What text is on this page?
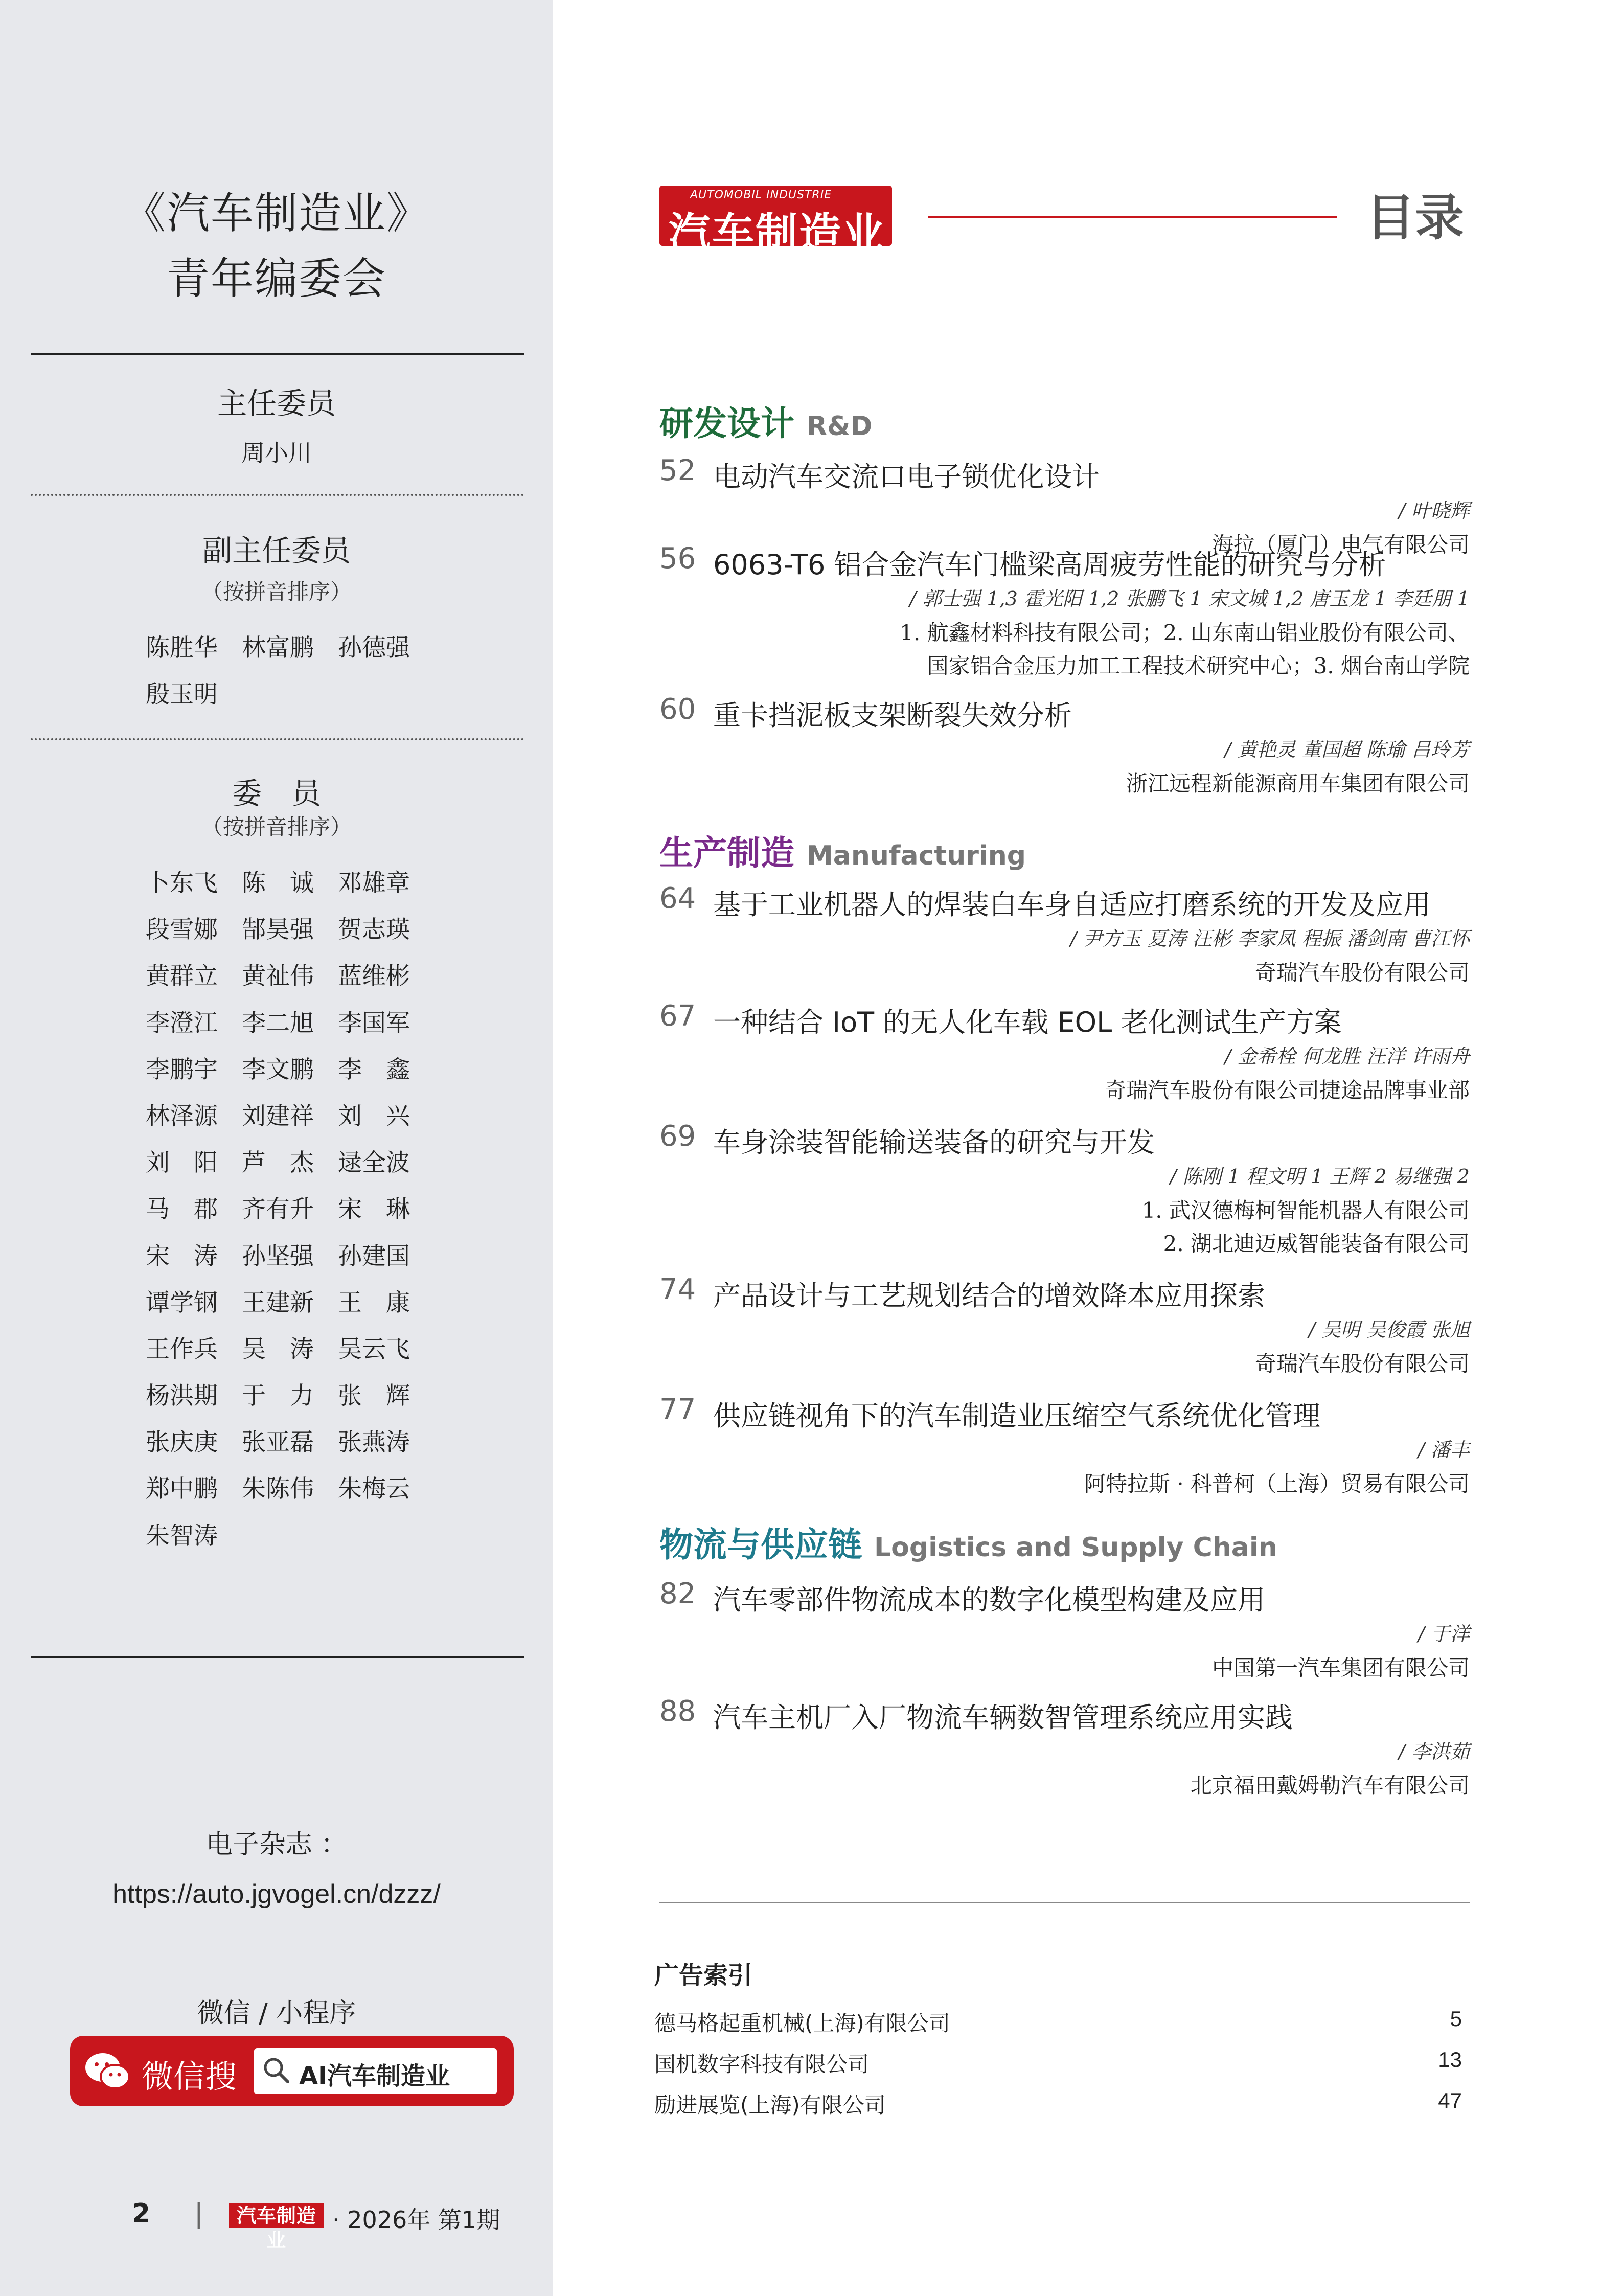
《汽车制造业》
青年编委会
主任委员
周小川
副主任委员
（按拼音排序）
陈胜华	林富鹏	孙德强
殷玉明
委　员
（按拼音排序）
卜东飞	陈　诚	邓雄章
段雪娜	郜昊强	贺志瑛
黄群立	黄祉伟	蓝维彬
李澄江	李二旭	李国军
李鹏宇	李文鹏	李　鑫
林泽源	刘建祥	刘　兴
刘　阳	芦　杰	逯全波
马　郡	齐有升	宋　琳
宋　涛	孙坚强	孙建国
谭学钢	王建新	王　康
王作兵	吴　涛	吴云飞
杨洪期	于　力	张　辉
张庆庚	张亚磊	张燕涛
郑中鹏	朱陈伟	朱梅云
朱智涛
电子杂志 ：
https://auto.jgvogel.cn/dzzz/
微信 / 小程序
微信搜	AI汽车制造业
2 |	汽车制造业
· 2026年 第1期
AUTOMOBIL INDUSTRIE
汽车制造业	目录
研发设计 R&D
生产制造 Manufacturing
物流与供应链 Logistics and Supply Chain
52 电动汽车交流口电子锁优化设计
/ 叶晓辉
海拉（厦门）电气有限公司
56 6063-T6 铝合金汽车门槛梁高周疲劳性能的研究与分析
/ 郭士强 1,3 霍光阳 1,2 张鹏飞 1 宋文城 1,2 唐玉龙 1 李廷朋 1
1. 航鑫材料科技有限公司；2. 山东南山铝业股份有限公司、
国家铝合金压力加工工程技术研究中心；3. 烟台南山学院
60 重卡挡泥板支架断裂失效分析
/ 黄艳灵 董国超 陈瑜 吕玲芳
浙江远程新能源商用车集团有限公司
64 基于工业机器人的焊装白车身自适应打磨系统的开发及应用
/ 尹方玉 夏涛 汪彬 李家凤 程振 潘剑南 曹江怀
奇瑞汽车股份有限公司
67 一种结合 IoT 的无人化车载 EOL 老化测试生产方案
/ 金希栓 何龙胜 汪洋 许雨舟
奇瑞汽车股份有限公司捷途品牌事业部
69 车身涂装智能输送装备的研究与开发
/ 陈刚 1 程文明 1 王辉 2 易继强 2
1. 武汉德梅柯智能机器人有限公司
2. 湖北迪迈威智能装备有限公司
74 产品设计与工艺规划结合的增效降本应用探索
/ 吴明 吴俊霞 张旭
奇瑞汽车股份有限公司
77 供应链视角下的汽车制造业压缩空气系统优化管理
/ 潘丰
阿特拉斯 · 科普柯（上海）贸易有限公司
82 汽车零部件物流成本的数字化模型构建及应用
/ 于洋
中国第一汽车集团有限公司
88 汽车主机厂入厂物流车辆数智管理系统应用实践
/ 李洪茹
北京福田戴姆勒汽车有限公司
广告索引
德马格起重机械(上海)有限公司	5
国机数字科技有限公司	13
励进展览(上海)有限公司	47
